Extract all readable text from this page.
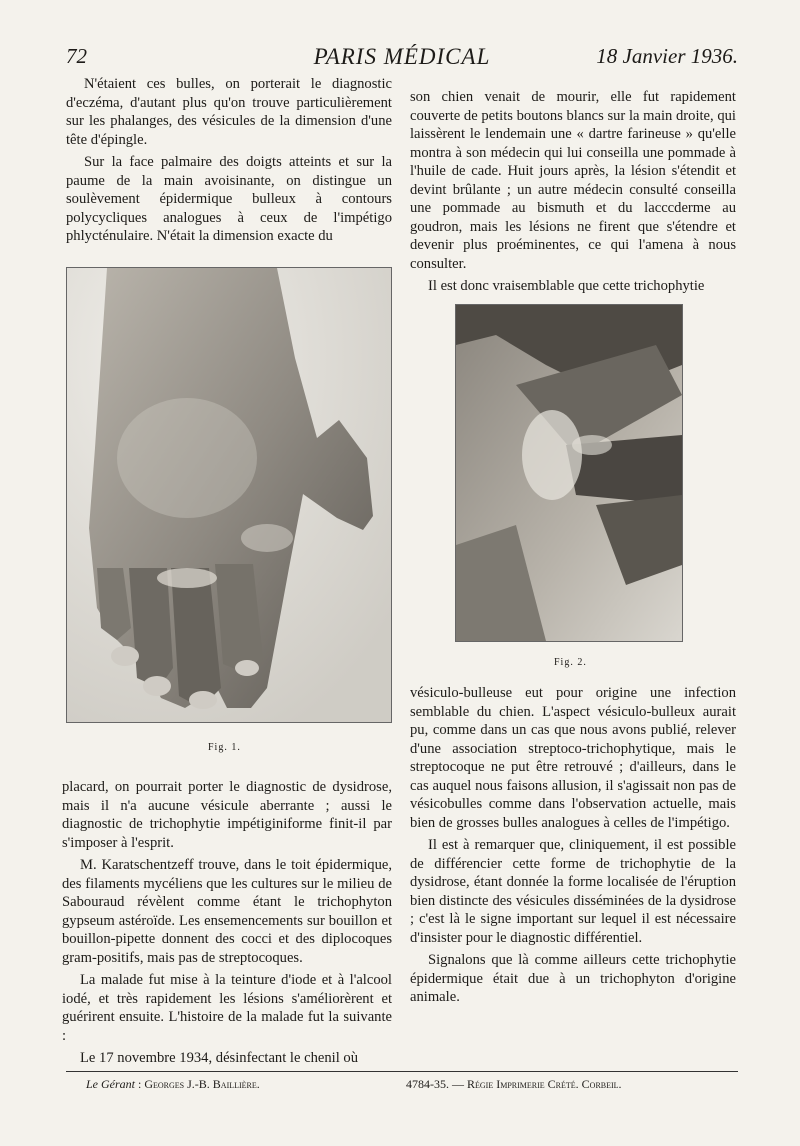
72	PARIS MÉDICAL	18 Janvier 1936.

N'étaient ces bulles, on porterait le diagnostic d'eczéma, d'autant plus qu'on trouve particulièrement sur les phalanges, des vésicules de la dimension d'une tête d'épingle.

Sur la face palmaire des doigts atteints et sur la paume de la main avoisinante, on distingue un soulèvement épidermique bulleux à contours polycycliques analogues à ceux de l'impétigo phlycténulaire. N'était la dimension exacte du

son chien venait de mourir, elle fut rapidement couverte de petits boutons blancs sur la main droite, qui laissèrent le lendemain une « dartre farineuse » qu'elle montra à son médecin qui lui conseilla une pommade à l'huile de cade. Huit jours après, la lésion s'étendit et devint brûlante ; un autre médecin consulté conseilla une pommade au bismuth et du lacccderme au goudron, mais les lésions ne firent que s'étendre et devenir plus proéminentes, ce qui l'amena à nous consulter.

Il est donc vraisemblable que cette trichophytie

Fig. 1.
Fig. 2.

vésiculo-bulleuse eut pour origine une infection semblable du chien. L'aspect vésiculo-bulleux aurait pu, comme dans un cas que nous avons publié, relever d'une association streptoco-trichophytique, mais le streptocoque ne put être retrouvé ; d'ailleurs, dans le cas auquel nous faisons allusion, il s'agissait non pas de vésicobulles comme dans l'observation actuelle, mais bien de grosses bulles analogues à celles de l'impétigo.

Il est à remarquer que, cliniquement, il est possible de différencier cette forme de trichophytie de la dysidrose, étant donnée la forme localisée de l'éruption bien distincte des vésicules disséminées de la dysidrose ; c'est là le signe important sur lequel il est nécessaire d'insister pour le diagnostic différentiel.

Signalons que là comme ailleurs cette trichophytie épidermique était due à un trichophyton d'origine animale.

placard, on pourrait porter le diagnostic de dysidrose, mais il n'a aucune vésicule aberrante ; aussi le diagnostic de trichophytie impétiginiforme finit-il par s'imposer à l'esprit.

M. Karatschentzeff trouve, dans le toit épidermique, des filaments mycéliens que les cultures sur le milieu de Sabouraud révèlent comme étant le trichophyton gypseum astéroïde. Les ensemencements sur bouillon et bouillon-pipette donnent des cocci et des diplocoques gram-positifs, mais pas de streptocoques.

La malade fut mise à la teinture d'iode et à l'alcool iodé, et très rapidement les lésions s'améliorèrent et guérirent ensuite. L'histoire de la malade fut la suivante :

Le 17 novembre 1934, désinfectant le chenil où

Le Gérant : Georges J.-B. Baillière.	4784-35. — Régie Imprimerie Crété. Corbeil.
